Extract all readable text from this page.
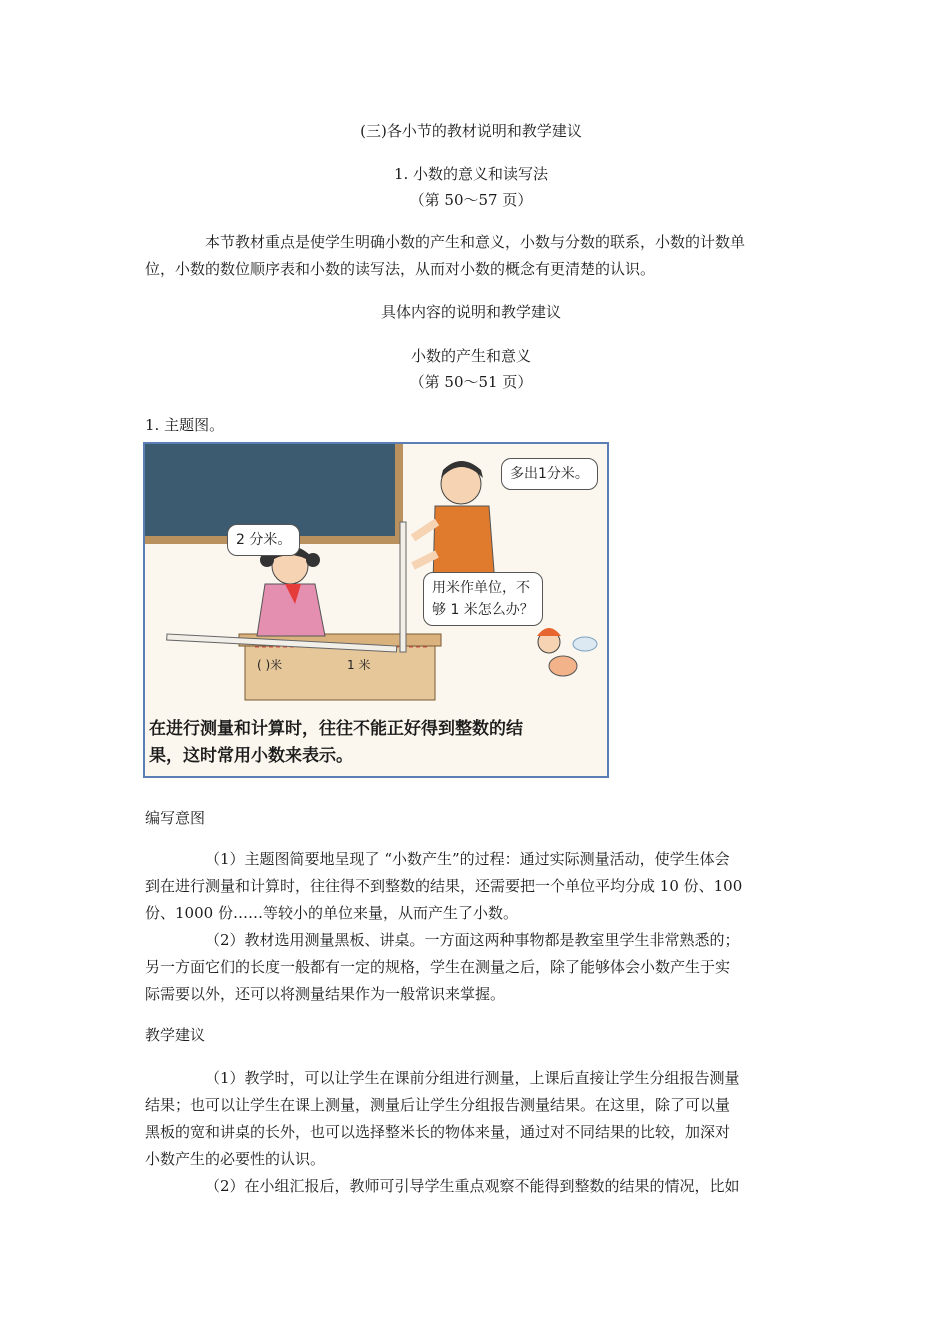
(三)各小节的教材说明和教学建议
1. 小数的意义和读写法
（第 50～57 页）
本节教材重点是使学生明确小数的产生和意义，小数与分数的联系，小数的计数单
位，小数的数位顺序表和小数的读写法，从而对小数的概念有更清楚的认识。
具体内容的说明和教学建议
小数的产生和意义
（第 50～51 页）
1. 主题图。
多出1分米。
2 分米。
用米作单位，不
够 1 米怎么办？
( )米	1 米
在进行测量和计算时，往往不能正好得到整数的结
果，这时常用小数来表示。
编写意图
（1）主题图简要地呈现了 “小数产生”的过程：通过实际测量活动，使学生体会
到在进行测量和计算时，往往得不到整数的结果，还需要把一个单位平均分成 10 份、100
份、1000 份……等较小的单位来量，从而产生了小数。
（2）教材选用测量黑板、讲桌。一方面这两种事物都是教室里学生非常熟悉的；
另一方面它们的长度一般都有一定的规格，学生在测量之后，除了能够体会小数产生于实
际需要以外，还可以将测量结果作为一般常识来掌握。
教学建议
（1）教学时，可以让学生在课前分组进行测量，上课后直接让学生分组报告测量
结果；也可以让学生在课上测量，测量后让学生分组报告测量结果。在这里，除了可以量
黑板的宽和讲桌的长外，也可以选择整米长的物体来量，通过对不同结果的比较，加深对
小数产生的必要性的认识。
（2）在小组汇报后，教师可引导学生重点观察不能得到整数的结果的情况，比如
